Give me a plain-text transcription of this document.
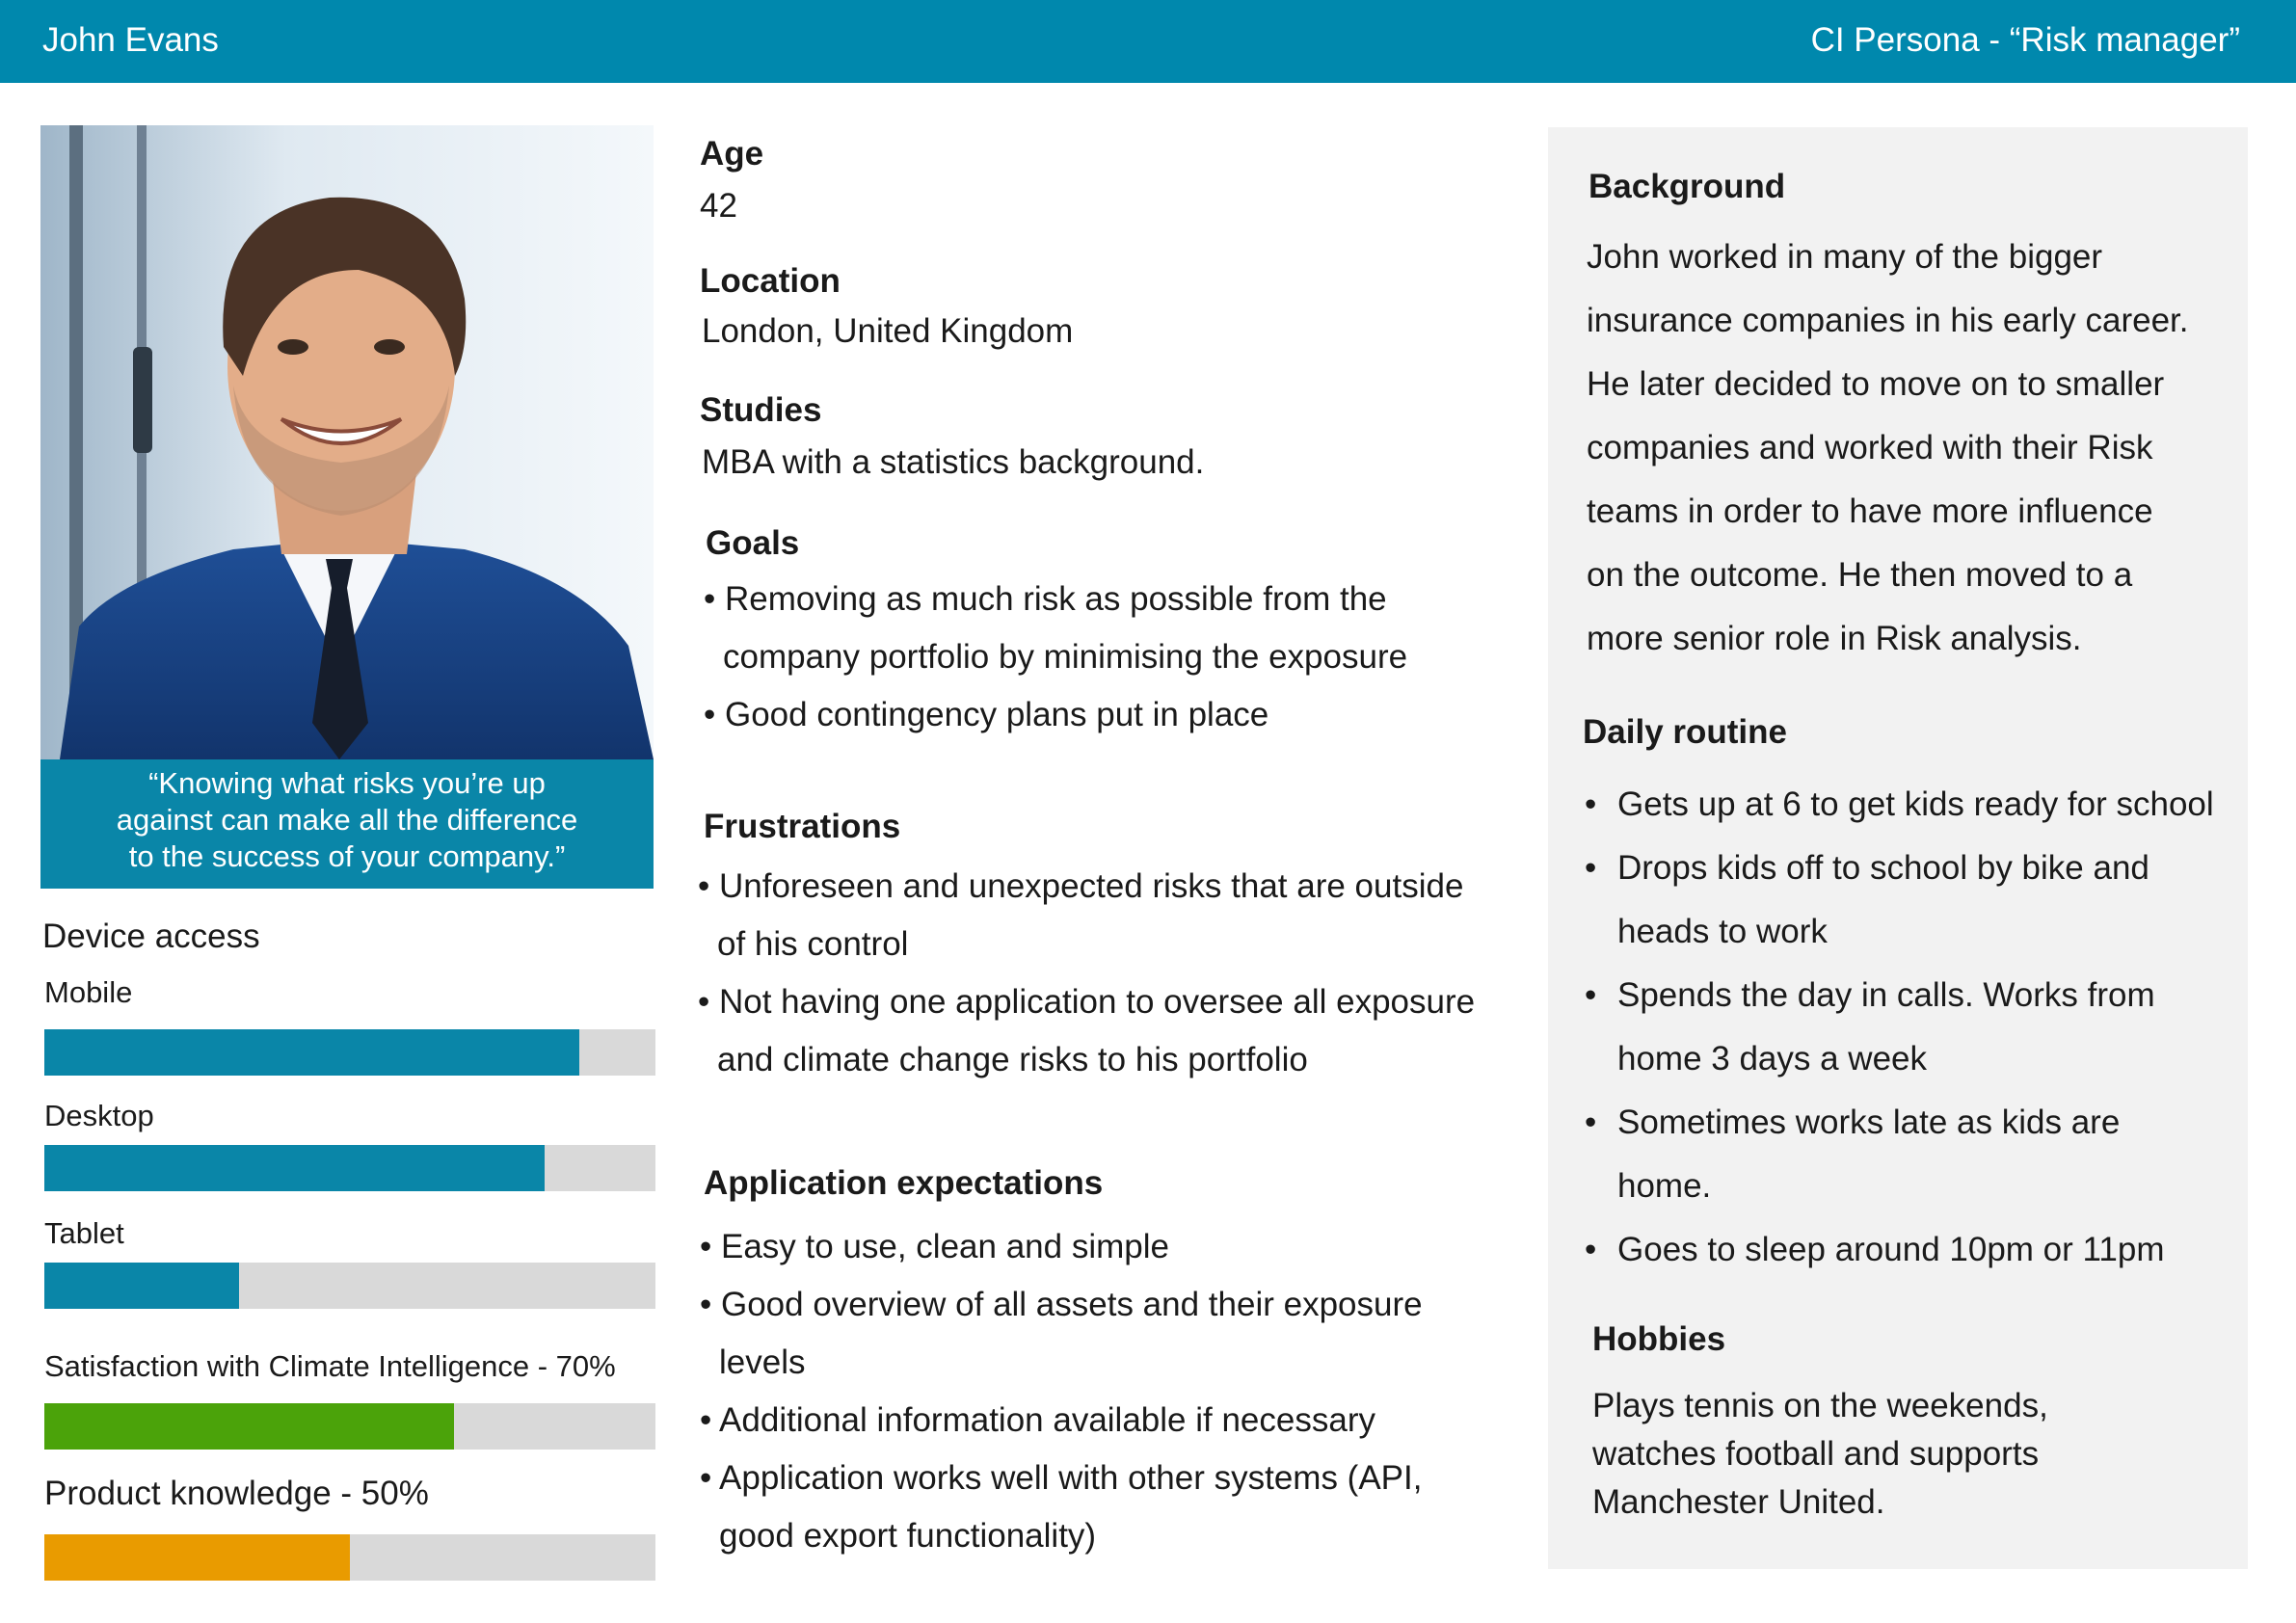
John Evans	CI Persona - “Risk manager”
“Knowing what risks you’re up
against can make all the difference
to the success of your company.”
Device access
Mobile
Desktop
Tablet
Satisfaction with Climate Intelligence - 70%
Product knowledge - 50%
Age
42
Location
London, United Kingdom
Studies
MBA with a statistics background.
Goals
• Removing as much risk as possible from the
company portfolio by minimising the exposure
• Good contingency plans put in place
Frustrations
• Unforeseen and unexpected risks that are outside
of his control
• Not having one application to oversee all exposure
and climate change risks to his portfolio
Application expectations
• Easy to use, clean and simple
• Good overview of all assets and their exposure
levels
• Additional information available if necessary
• Application works well with other systems (API,
good export functionality)
Background
John worked in many of the bigger
insurance companies in his early career.
He later decided to move on to smaller
companies and worked with their Risk
teams in order to have more influence
on the outcome. He then moved to a
more senior role in Risk analysis.
Daily routine
• Gets up at 6 to get kids ready for school
• Drops kids off to school by bike and
heads to work
• Spends the day in calls. Works from
home 3 days a week
• Sometimes works late as kids are
home.
• Goes to sleep around 10pm or 11pm
Hobbies
Plays tennis on the weekends,
watches football and supports
Manchester United.
